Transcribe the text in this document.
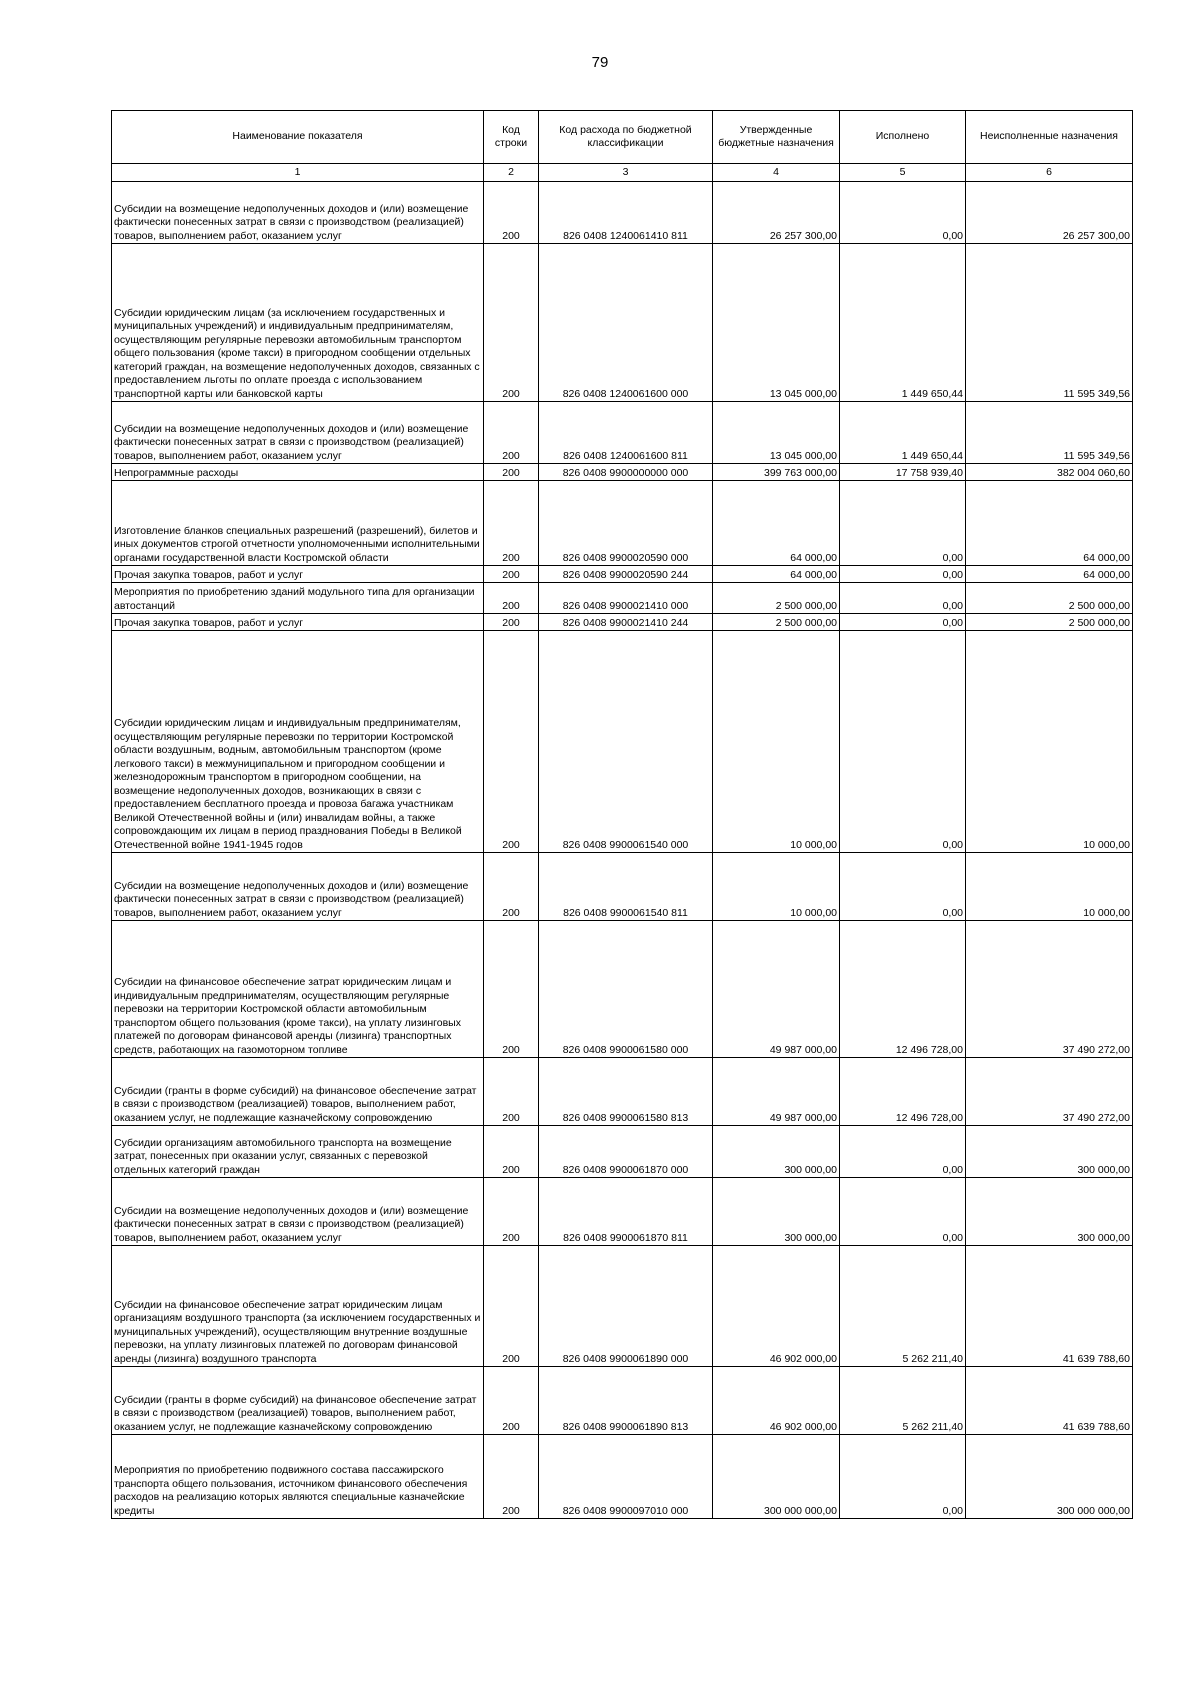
79
Наименование показателя	Код строки	Код расхода по бюджетной классификации	Утвержденные бюджетные назначения	Исполнено	Неисполненные назначения
1	2	3	4	5	6
Субсидии на возмещение недополученных доходов и (или) возмещение фактически понесенных затрат в связи с производством (реализацией) товаров, выполнением работ, оказанием услуг	200	826 0408 1240061410 811	26 257 300,00	0,00	26 257 300,00
Субсидии юридическим лицам (за исключением государственных и муниципальных учреждений) и индивидуальным предпринимателям, осуществляющим регулярные перевозки автомобильным транспортом общего пользования (кроме такси) в пригородном сообщении отдельных категорий граждан, на возмещение недополученных доходов, связанных с предоставлением льготы по оплате проезда с использованием транспортной карты или банковской карты	200	826 0408 1240061600 000	13 045 000,00	1 449 650,44	11 595 349,56
Субсидии на возмещение недополученных доходов и (или) возмещение фактически понесенных затрат в связи с производством (реализацией) товаров, выполнением работ, оказанием услуг	200	826 0408 1240061600 811	13 045 000,00	1 449 650,44	11 595 349,56
Непрограммные расходы	200	826 0408 9900000000 000	399 763 000,00	17 758 939,40	382 004 060,60
Изготовление бланков специальных разрешений (разрешений), билетов и иных документов строгой отчетности уполномоченными исполнительными органами государственной власти Костромской области	200	826 0408 9900020590 000	64 000,00	0,00	64 000,00
Прочая закупка товаров, работ и услуг	200	826 0408 9900020590 244	64 000,00	0,00	64 000,00
Мероприятия по приобретению зданий модульного типа для организации автостанций	200	826 0408 9900021410 000	2 500 000,00	0,00	2 500 000,00
Прочая закупка товаров, работ и услуг	200	826 0408 9900021410 244	2 500 000,00	0,00	2 500 000,00
Субсидии юридическим лицам и индивидуальным предпринимателям, осуществляющим регулярные перевозки по территории Костромской области воздушным, водным, автомобильным транспортом (кроме легкового такси) в межмуниципальном и пригородном сообщении и железнодорожным транспортом в пригородном сообщении, на возмещение недополученных доходов, возникающих в связи с предоставлением бесплатного проезда и провоза багажа участникам Великой Отечественной войны и (или) инвалидам войны, а также сопровождающим их лицам в период празднования Победы в Великой Отечественной войне 1941-1945 годов	200	826 0408 9900061540 000	10 000,00	0,00	10 000,00
Субсидии на возмещение недополученных доходов и (или) возмещение фактически понесенных затрат в связи с производством (реализацией) товаров, выполнением работ, оказанием услуг	200	826 0408 9900061540 811	10 000,00	0,00	10 000,00
Субсидии на финансовое обеспечение затрат юридическим лицам и индивидуальным предпринимателям, осуществляющим регулярные перевозки на территории Костромской области автомобильным транспортом общего пользования (кроме такси), на уплату лизинговых платежей по договорам финансовой аренды (лизинга) транспортных средств, работающих на газомоторном топливе	200	826 0408 9900061580 000	49 987 000,00	12 496 728,00	37 490 272,00
Субсидии (гранты в форме субсидий) на финансовое обеспечение затрат в связи с производством (реализацией) товаров, выполнением работ, оказанием услуг, не подлежащие казначейскому сопровождению	200	826 0408 9900061580 813	49 987 000,00	12 496 728,00	37 490 272,00
Субсидии организациям автомобильного транспорта на возмещение затрат, понесенных при оказании услуг, связанных с перевозкой отдельных категорий граждан	200	826 0408 9900061870 000	300 000,00	0,00	300 000,00
Субсидии на возмещение недополученных доходов и (или) возмещение фактически понесенных затрат в связи с производством (реализацией) товаров, выполнением работ, оказанием услуг	200	826 0408 9900061870 811	300 000,00	0,00	300 000,00
Субсидии на финансовое обеспечение затрат юридическим лицам организациям воздушного транспорта (за исключением государственных и муниципальных учреждений), осуществляющим внутренние воздушные перевозки, на уплату лизинговых платежей по договорам финансовой аренды (лизинга) воздушного транспорта	200	826 0408 9900061890 000	46 902 000,00	5 262 211,40	41 639 788,60
Субсидии (гранты в форме субсидий) на финансовое обеспечение затрат в связи с производством (реализацией) товаров, выполнением работ, оказанием услуг, не подлежащие казначейскому сопровождению	200	826 0408 9900061890 813	46 902 000,00	5 262 211,40	41 639 788,60
Мероприятия по приобретению подвижного состава пассажирского транспорта общего пользования, источником финансового обеспечения расходов на реализацию которых являются специальные казначейские кредиты	200	826 0408 9900097010 000	300 000 000,00	0,00	300 000 000,00
